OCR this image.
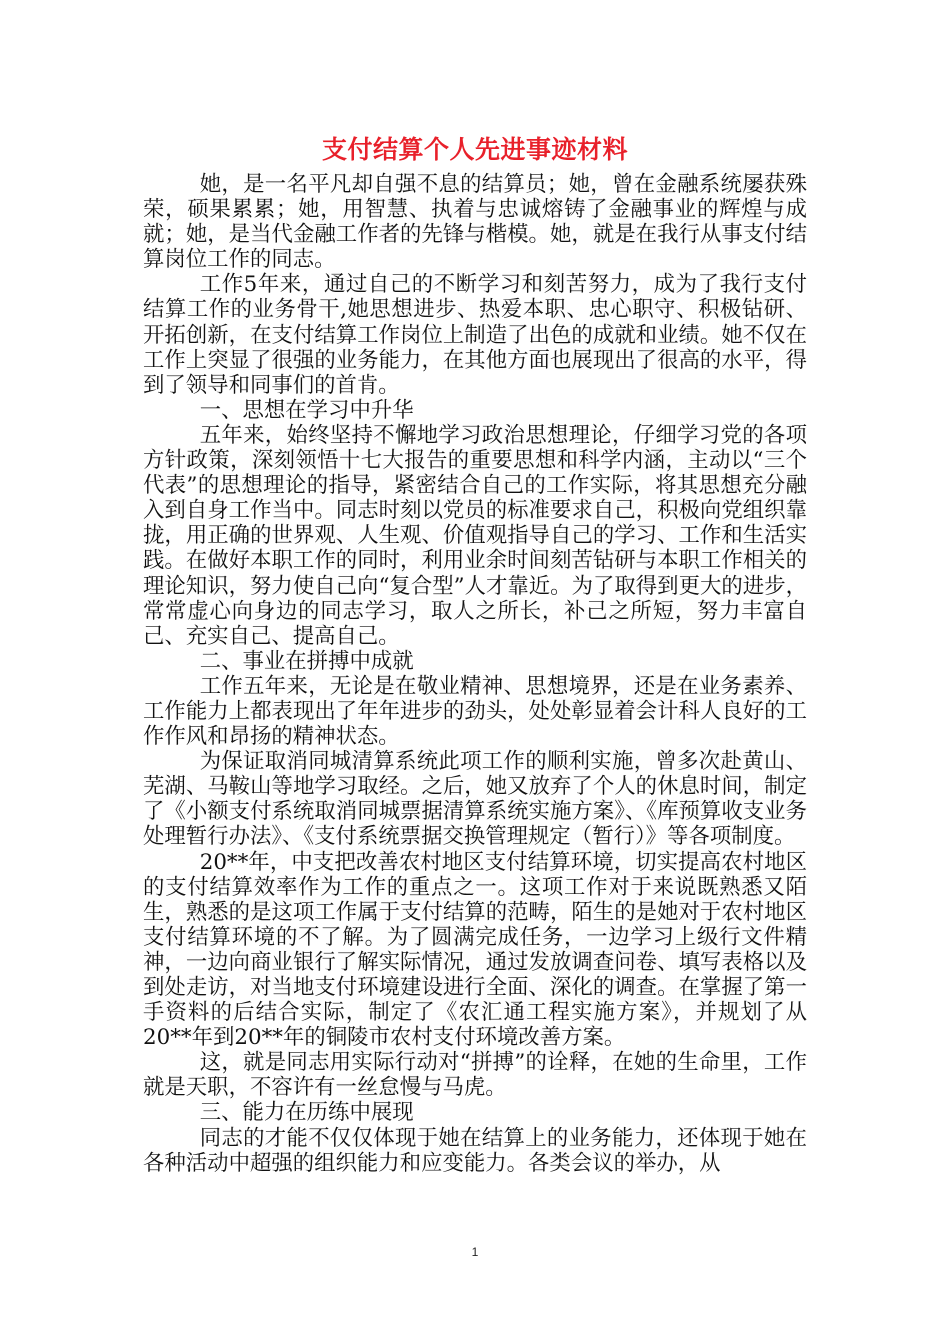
支付结算个人先进事迹材料

她，是一名平凡却自强不息的结算员；她，曾在金融系统屡获殊荣，硕果累累；她，用智慧、执着与忠诚熔铸了金融事业的辉煌与成就；她，是当代金融工作者的先锋与楷模。她，就是在我行从事支付结算岗位工作的同志。

工作5年来，通过自己的不断学习和刻苦努力，成为了我行支付结算工作的业务骨干,她思想进步、热爱本职、忠心职守、积极钻研、开拓创新，在支付结算工作岗位上制造了出色的成就和业绩。她不仅在工作上突显了很强的业务能力，在其他方面也展现出了很高的水平，得到了领导和同事们的首肯。

一、思想在学习中升华

五年来，始终坚持不懈地学习政治思想理论，仔细学习党的各项方针政策，深刻领悟十七大报告的重要思想和科学内涵，主动以“三个代表”的思想理论的指导，紧密结合自己的工作实际，将其思想充分融入到自身工作当中。同志时刻以党员的标准要求自己，积极向党组织靠拢，用正确的世界观、人生观、价值观指导自己的学习、工作和生活实践。在做好本职工作的同时，利用业余时间刻苦钻研与本职工作相关的理论知识，努力使自己向“复合型”人才靠近。为了取得到更大的进步，常常虚心向身边的同志学习，取人之所长，补己之所短，努力丰富自己、充实自己、提高自己。

二、事业在拼搏中成就

工作五年来，无论是在敬业精神、思想境界，还是在业务素养、工作能力上都表现出了年年进步的劲头，处处彰显着会计科人良好的工作作风和昂扬的精神状态。

为保证取消同城清算系统此项工作的顺利实施，曾多次赴黄山、芜湖、马鞍山等地学习取经。之后，她又放弃了个人的休息时间，制定了《小额支付系统取消同城票据清算系统实施方案》、《库预算收支业务处理暂行办法》、《支付系统票据交换管理规定（暂行）》等各项制度。

20**年，中支把改善农村地区支付结算环境，切实提高农村地区的支付结算效率作为工作的重点之一。这项工作对于来说既熟悉又陌生，熟悉的是这项工作属于支付结算的范畴，陌生的是她对于农村地区支付结算环境的不了解。为了圆满完成任务，一边学习上级行文件精神，一边向商业银行了解实际情况，通过发放调查问卷、填写表格以及到处走访，对当地支付环境建设进行全面、深化的调查。在掌握了第一手资料的后结合实际，制定了《农汇通工程实施方案》，并规划了从20**年到20**年的铜陵市农村支付环境改善方案。

这，就是同志用实际行动对“拼搏”的诠释，在她的生命里，工作就是天职，不容许有一丝怠慢与马虎。

三、能力在历练中展现

同志的才能不仅仅体现于她在结算上的业务能力，还体现于她在各种活动中超强的组织能力和应变能力。各类会议的举办，从

1
